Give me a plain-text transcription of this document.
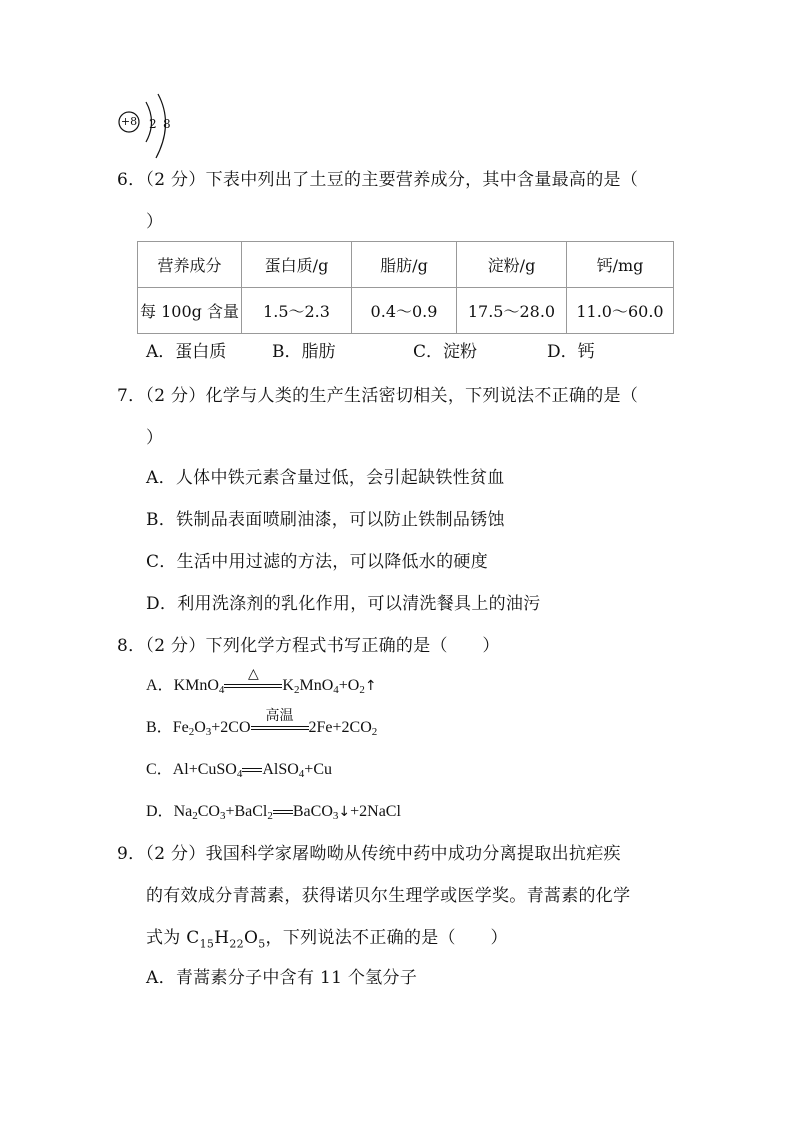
+8 2 8
6．（2 分）下表中列出了土豆的主要营养成分，其中含量最高的是（
）
营养成分	蛋白质/g	脂肪/g	淀粉/g	钙/mg
每 100g 含量	1.5～2.3	0.4～0.9	17.5～28.0	11.0～60.0
A．蛋白质	B．脂肪	C．淀粉	D．钙
7．（2 分）化学与人类的生产生活密切相关，下列说法不正确的是（
）
A．人体中铁元素含量过低，会引起缺铁性贫血
B．铁制品表面喷刷油漆，可以防止铁制品锈蚀
C．生活中用过滤的方法，可以降低水的硬度
D．利用洗涤剂的乳化作用，可以清洗餐具上的油污
8．（2 分）下列化学方程式书写正确的是（　　）
A．KMnO$_4$
△
$K_2MnO_4+O_2↑$
B．$Fe_2O_3+2CO$
高温
$2Fe+2CO_2$
C．Al+CuSO$_4$ AlSO$_4$+Cu
D．$Na_2CO_3+BaCl_2$ BaCO$_3$↓+2NaCl
9．（2 分）我国科学家屠呦呦从传统中药中成功分离提取出抗疟疾
的有效成分青蒿素，获得诺贝尔生理学或医学奖。青蒿素的化学
式为 $C_{15}H_{22}O_5$，下列说法不正确的是（　　）
A．青蒿素分子中含有 11 个氢分子
